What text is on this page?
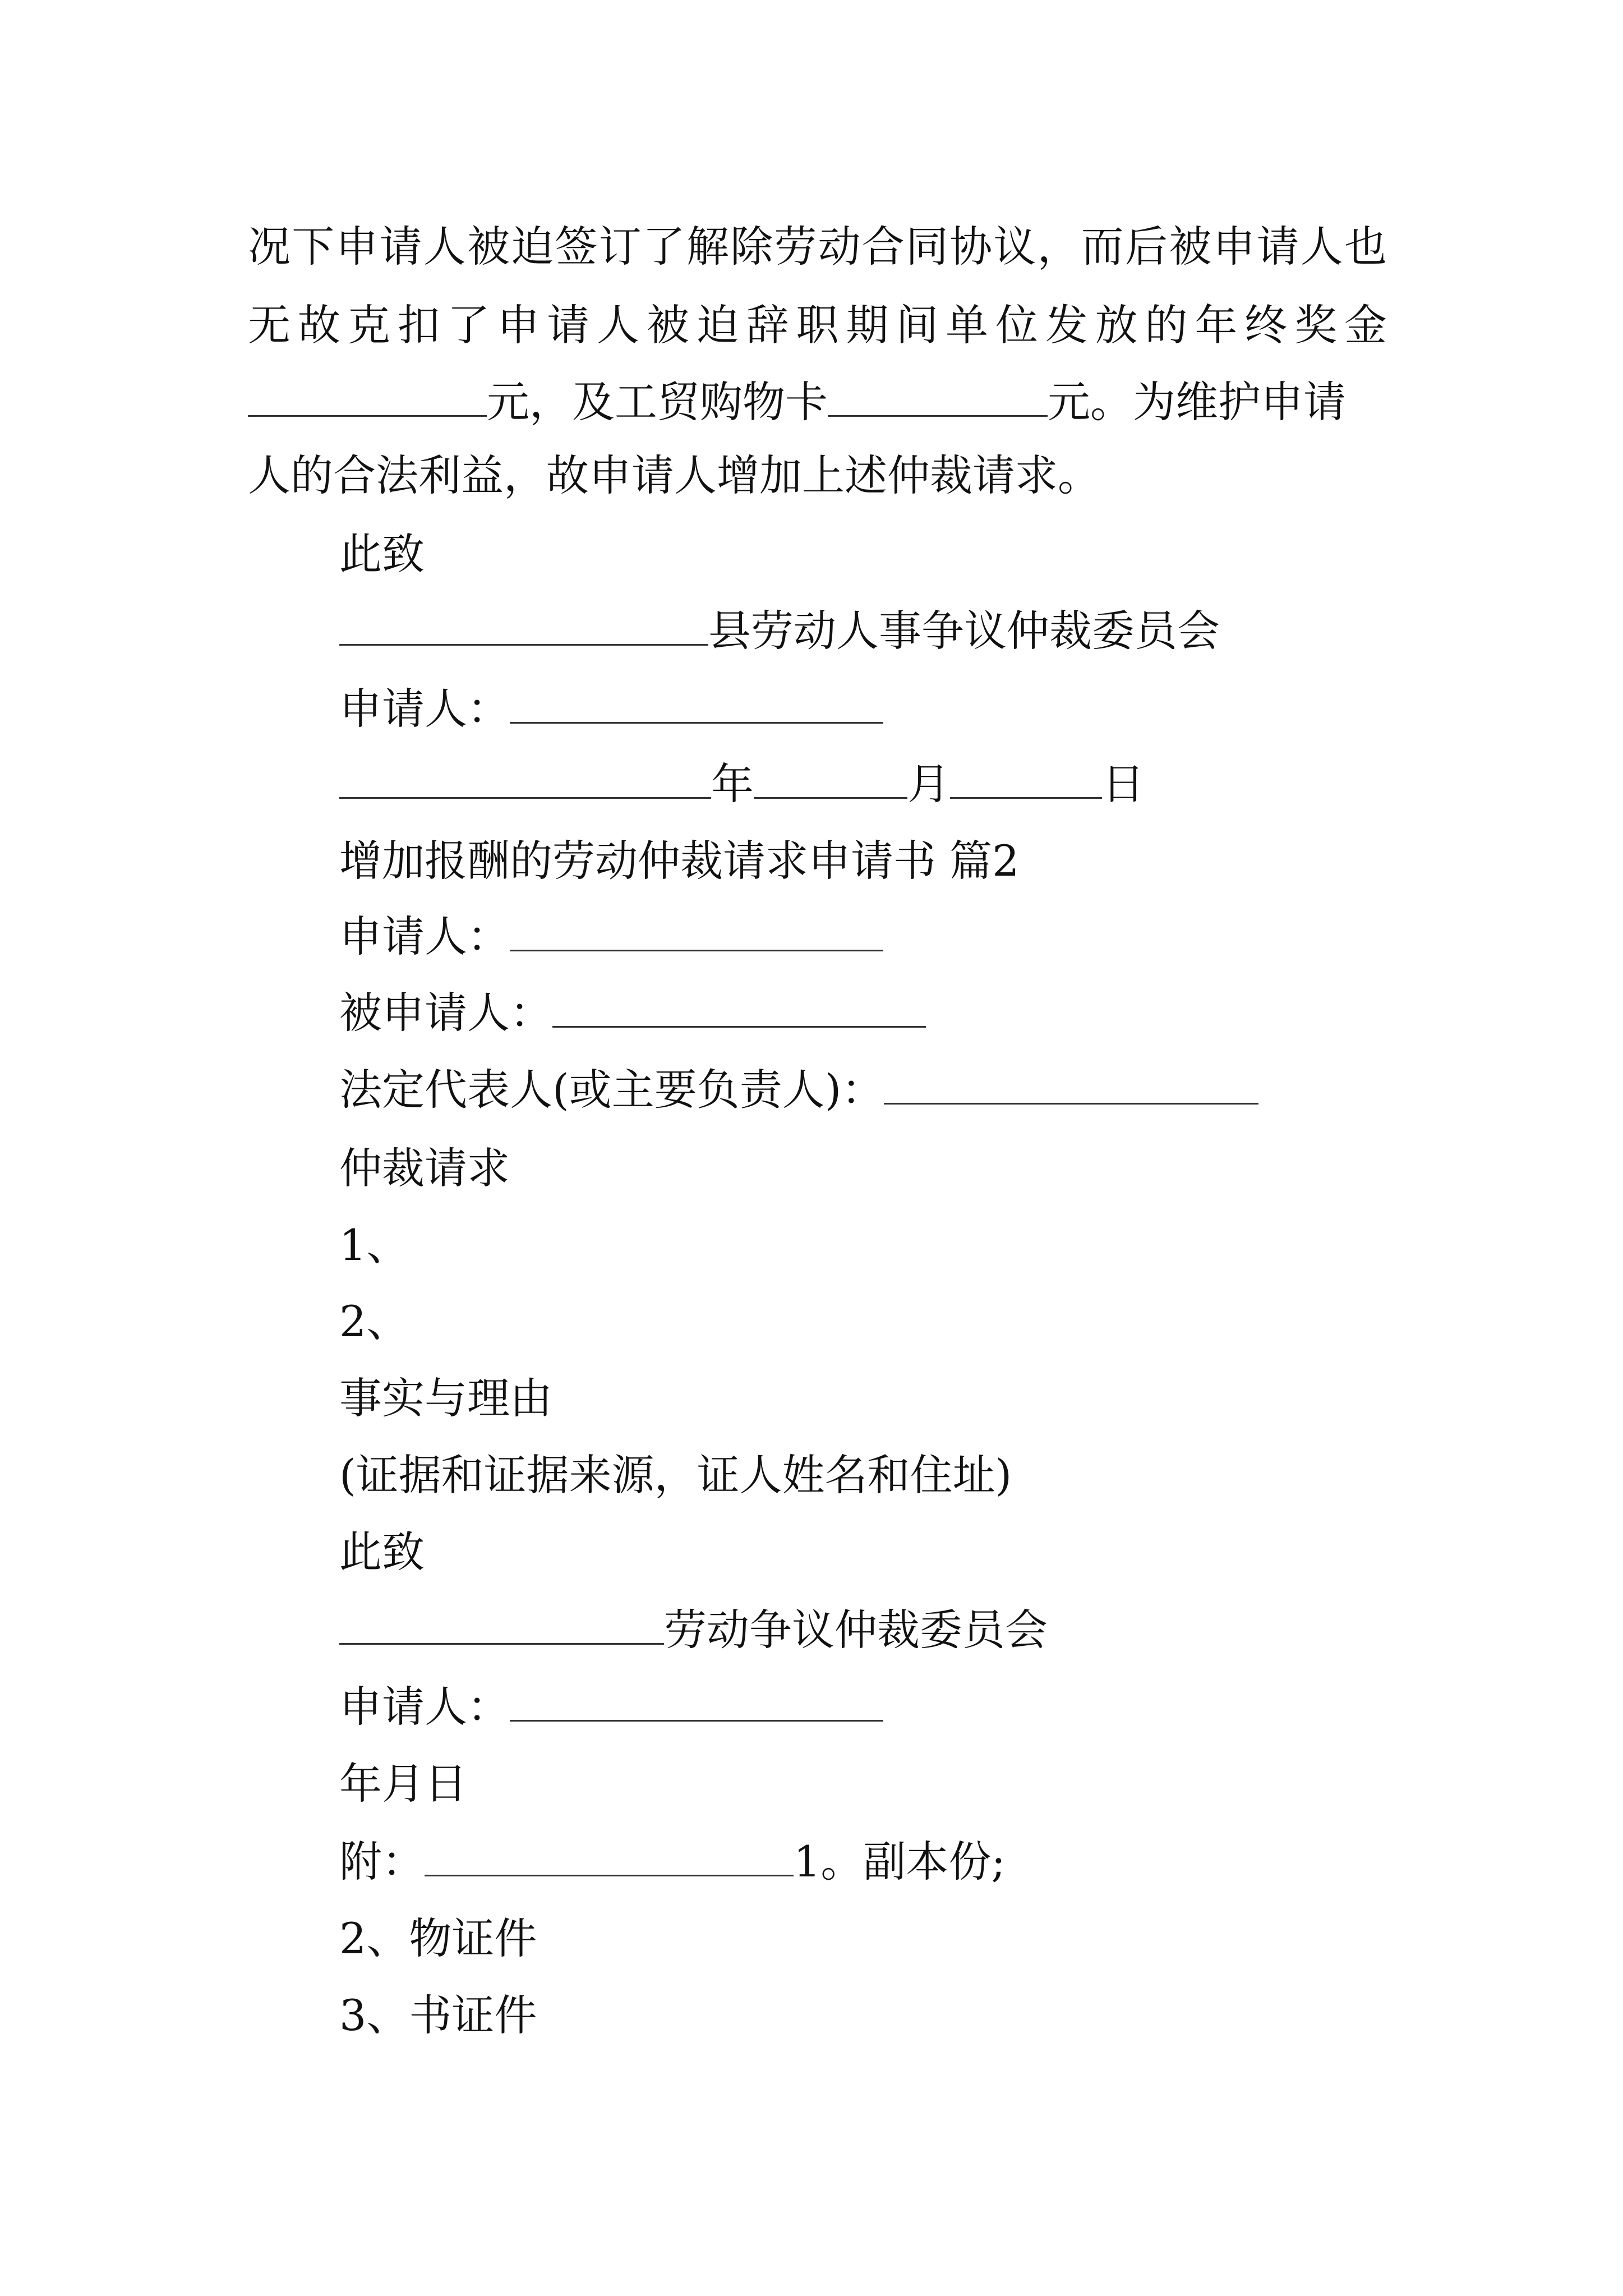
况下申请人被迫签订了解除劳动合同协议，而后被申请人也
无故克扣了申请人被迫辞职期间单位发放的年终奖金
元，及工贸购物卡	元。为维护申请
人的合法利益，故申请人增加上述仲裁请求。
此致
县劳动人事争议仲裁委员会
申请人：
年	月	日
增加报酬的劳动仲裁请求申请书 篇2
申请人：
被申请人：
法定代表人(或主要负责人)：
仲裁请求
1、
2、
事实与理由
(证据和证据来源，证人姓名和住址)
此致
劳动争议仲裁委员会
申请人：
年月日
附：	1。副本份;
2、物证件
3、书证件
